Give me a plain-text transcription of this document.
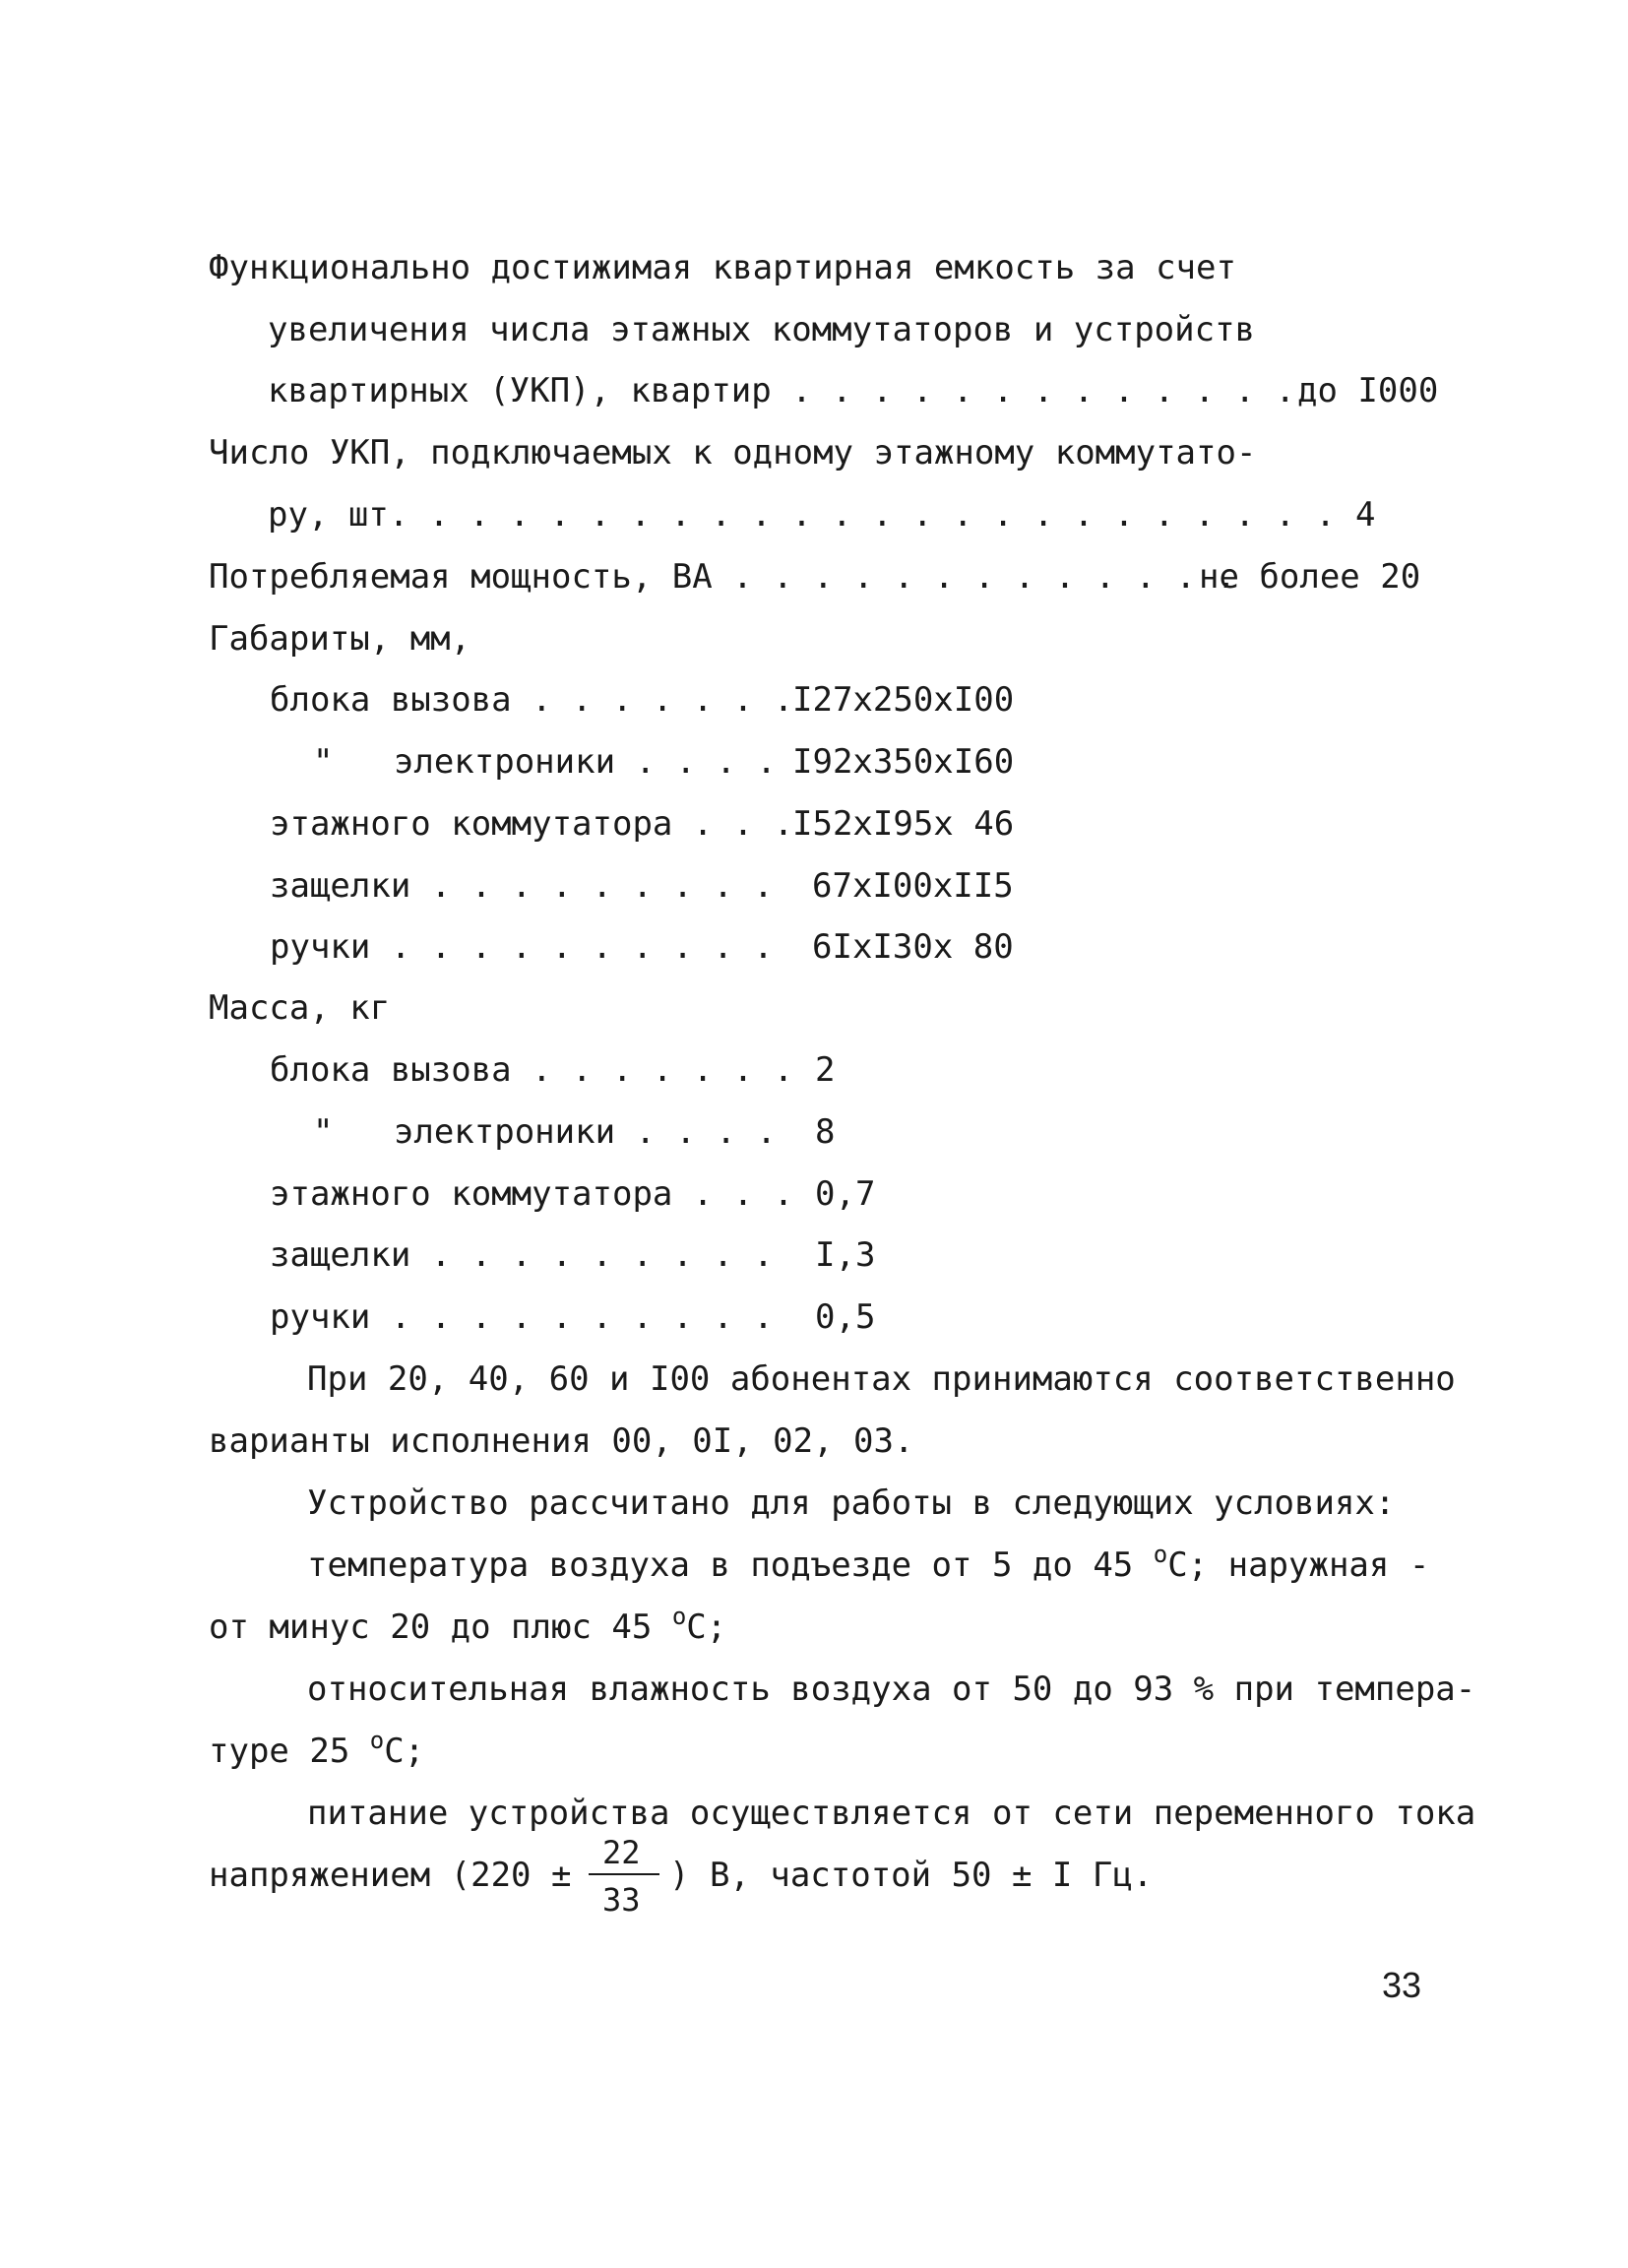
Функционально достижимая квартирная емкость за счет
увеличения числа этажных коммутаторов и устройств
квартирных (УКП), квартир . . . . . . . . . . . . . до I000
Число УКП, подключаемых к одному этажному коммутато-
ру, шт. . . . . . . . . . . . . . . . . . . . . . . . 4
Потребляемая мощность, ВА . . . . . . . . . . . . .
не более 20
Габариты, мм,
блока вызова . . . . . . .
I27x250xI00
"   электроники . . . . I92x350xI60
этажного коммутатора . . .
I52xI95x 46
защелки . . . . . . . . . 67xI00xII5
ручки . . . . . . . . . . 6IxI30x 80
Масса, кг
блока вызова . . . . . . . 2
"   электроники . . . . 8
этажного коммутатора . . . 0,7
защелки . . . . . . . . . I,3
ручки . . . . . . . . . . 0,5
При 20, 40, 60 и I00 абонентах принимаются соответственно
варианты исполнения 00, 0I, 02, 03.
Устройство рассчитано для работы в следующих условиях:
температура воздуха в подъезде от 5 до 45 $^o$C; наружная -
от минус 20 до плюс 45 $^o$C;
относительная влажность воздуха от 50 до 93 % при темпера-
туре 25 $^o$C;
питание устройства осуществляется от сети переменного тока
напряжением (220 ±
22
33
) В, частотой 50 ± I Гц.
33
